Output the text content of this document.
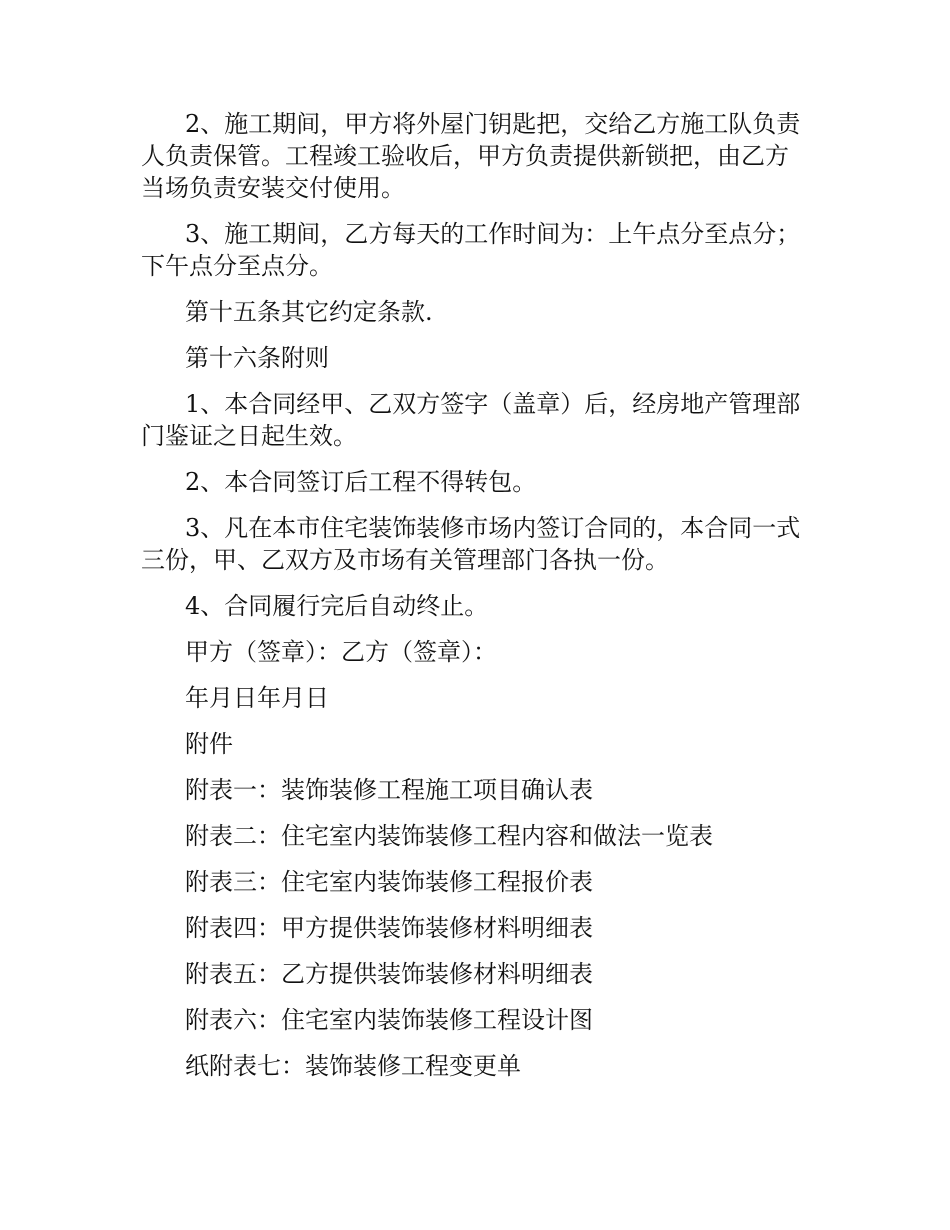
2、施工期间，甲方将外屋门钥匙把，交给乙方施工队负责人负责保管。工程竣工验收后，甲方负责提供新锁把，由乙方当场负责安装交付使用。

3、施工期间，乙方每天的工作时间为：上午点分至点分；下午点分至点分。

第十五条其它约定条款.

第十六条附则

1、本合同经甲、乙双方签字（盖章）后，经房地产管理部门鉴证之日起生效。

2、本合同签订后工程不得转包。

3、凡在本市住宅装饰装修市场内签订合同的，本合同一式三份，甲、乙双方及市场有关管理部门各执一份。

4、合同履行完后自动终止。

甲方（签章）：乙方（签章）：

年月日年月日

附件

附表一：装饰装修工程施工项目确认表

附表二：住宅室内装饰装修工程内容和做法一览表

附表三：住宅室内装饰装修工程报价表

附表四：甲方提供装饰装修材料明细表

附表五：乙方提供装饰装修材料明细表

附表六：住宅室内装饰装修工程设计图

纸附表七：装饰装修工程变更单
